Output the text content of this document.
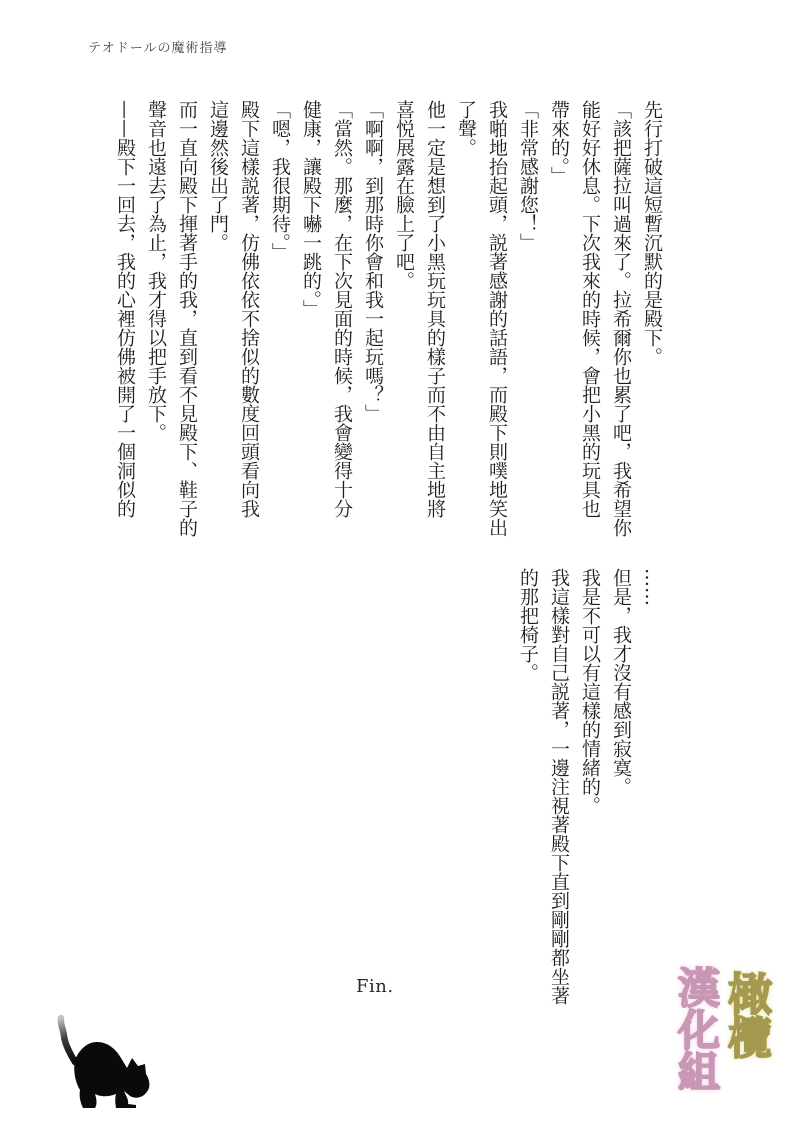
テオドールの魔術指導

先行打破這短暫沉默的是殿下。

「該把薩拉叫過來了。拉希爾你也累了吧，我希望你

能好好休息。下次我來的時候，會把小黑的玩具也

帶來的。」

「非常感謝您！」

我啪地抬起頭，説著感謝的話語，而殿下則噗地笑出

了聲。

他一定是想到了小黑玩玩具的樣子而不由自主地將

喜悦展露在臉上了吧。

「啊啊，到那時你會和我一起玩嗎？」

「當然。那麼，在下次見面的時候，我會變得十分

健康，讓殿下嚇一跳的。」

「嗯，我很期待。」

殿下這樣説著，仿佛依依不捨似的數度回頭看向我

這邊然後出了門。

而一直向殿下揮著手的我，直到看不見殿下、鞋子的

聲音也遠去了為止，我才得以把手放下。

——殿下一回去，我的心裡仿佛被開了一個洞似的

……

但是，我才沒有感到寂寞。

我是不可以有這樣的情緒的。

我這樣對自己説著，一邊注視著殿下直到剛剛都坐著

的那把椅子。

Fin.	漢化組 橄欖
